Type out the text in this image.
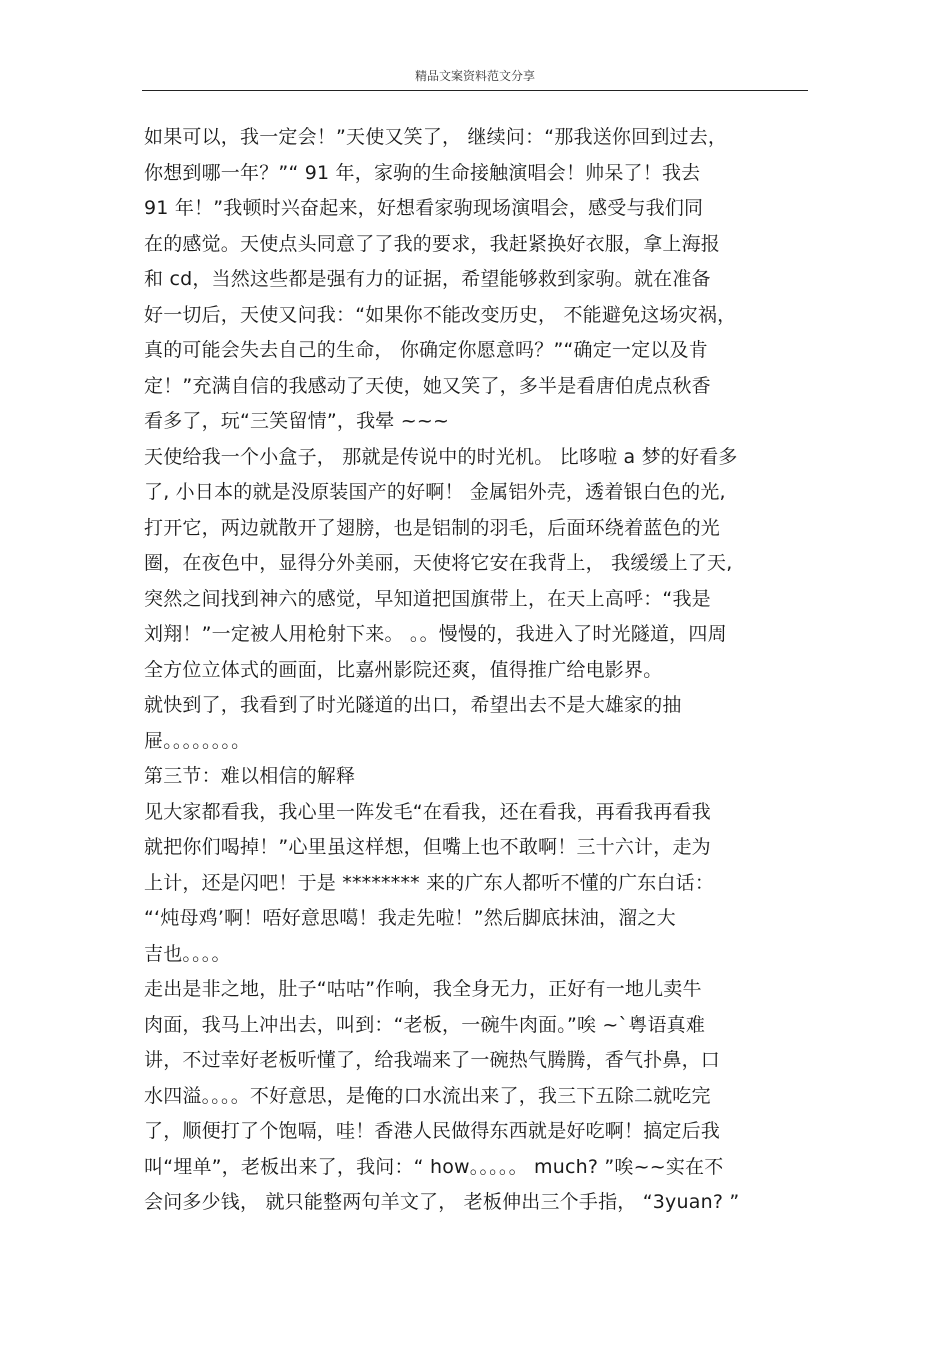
精品文案资料范文分享
如果可以，我一定会！”天使又笑了， 继续问：“那我送你回到过去，
你想到哪一年？”“ 91 年，家驹的生命接触演唱会！帅呆了！我去
91 年！”我顿时兴奋起来，好想看家驹现场演唱会，感受与我们同
在的感觉。天使点头同意了了我的要求，我赶紧换好衣服，拿上海报
和 cd，当然这些都是强有力的证据，希望能够救到家驹。就在准备
好一切后，天使又问我：“如果你不能改变历史， 不能避免这场灾祸，
真的可能会失去自己的生命， 你确定你愿意吗？”“确定一定以及肯
定！”充满自信的我感动了天使，她又笑了，多半是看唐伯虎点秋香
看多了，玩“三笑留情”，我晕 ~~~
天使给我一个小盒子， 那就是传说中的时光机。 比哆啦 a 梦的好看多
了, 小日本的就是没原装国产的好啊！ 金属铝外壳，透着银白色的光,
打开它，两边就散开了翅膀，也是铝制的羽毛，后面环绕着蓝色的光
圈，在夜色中，显得分外美丽，天使将它安在我背上， 我缓缓上了天,
突然之间找到神六的感觉，早知道把国旗带上，在天上高呼：“我是
刘翔！”一定被人用枪射下来。 。。慢慢的，我进入了时光隧道，四周
全方位立体式的画面，比嘉州影院还爽，值得推广给电影界。
就快到了，我看到了时光隧道的出口，希望出去不是大雄家的抽
屉。。。。。。。。
第三节：难以相信的解释
见大家都看我，我心里一阵发毛“在看我，还在看我，再看我再看我
就把你们喝掉！”心里虽这样想，但嘴上也不敢啊！三十六计，走为
上计，还是闪吧！于是 ******** 来的广东人都听不懂的广东白话：
“‘炖母鸡’啊！唔好意思噶！我走先啦！”然后脚底抹油，溜之大
吉也。。。。
走出是非之地，肚子“咕咕”作响，我全身无力，正好有一地儿卖牛
肉面，我马上冲出去，叫到：“老板，一碗牛肉面。”唉 ~`粤语真难
讲，不过幸好老板听懂了，给我端来了一碗热气腾腾，香气扑鼻，口
水四溢。。。。不好意思，是俺的口水流出来了，我三下五除二就吃完
了，顺便打了个饱嗝，哇！香港人民做得东西就是好吃啊！搞定后我
叫“埋单”，老板出来了，我问：“ how。。。。。 much? ”唉~~实在不
会问多少钱， 就只能整两句羊文了， 老板伸出三个手指， “3yuan? ”
